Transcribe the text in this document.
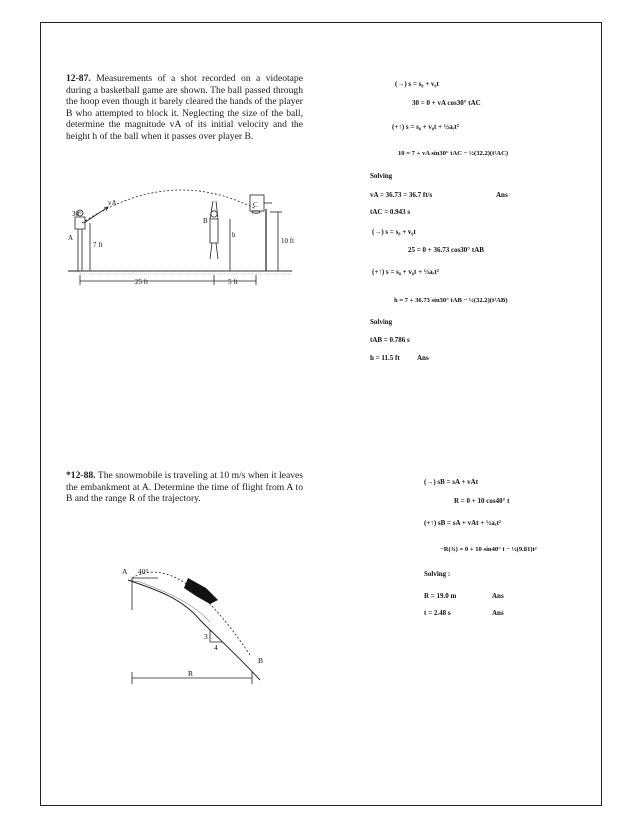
12-87. Measurements of a shot recorded on a videotape during a basketball game are shown. The ball passed through the hoop even though it barely cleared the hands of the player B who attempted to block it. Neglecting the size of the ball, determine the magnitude vA of its initial velocity and the height h of the ball when it passes over player B.
30°
vA
A
B
C
h
7 ft	10 ft
25 ft	5 ft
(→) s = s₀ + v₀t
30 = 0 + vA cos30° tAC
(+↑) s = s₀ + v₀t + ½aₑt²
10 = 7 + vA sin30° tAC − ½(32.2)(t²AC)
Solving
vA = 36.73 = 36.7 ft/s	Ans
tAC = 0.943 s
(→) s = s₀ + v₀t
25 = 0 + 36.73 cos30° tAB
(+↑) s = s₀ + v₀t + ½aₑt²
h = 7 + 36.73 sin30° tAB − ½(32.2)(t²AB)
Solving
tAB = 0.786 s
h = 11.5 ft Ans
*12-88. The snowmobile is traveling at 10 m/s when it leaves the embankment at A. Determine the time of flight from A to B and the range R of the trajectory.
A 40°
3
4
B
R
(→) sB = sA + vAt
R = 0 + 10 cos40° t
(+↑) sB = sA + vAt + ½aₑt²
−R(¾) = 0 + 10 sin40° t − ½(9.81)t²
Solving :
R = 19.0 m	Ans
t = 2.48 s	Ans
